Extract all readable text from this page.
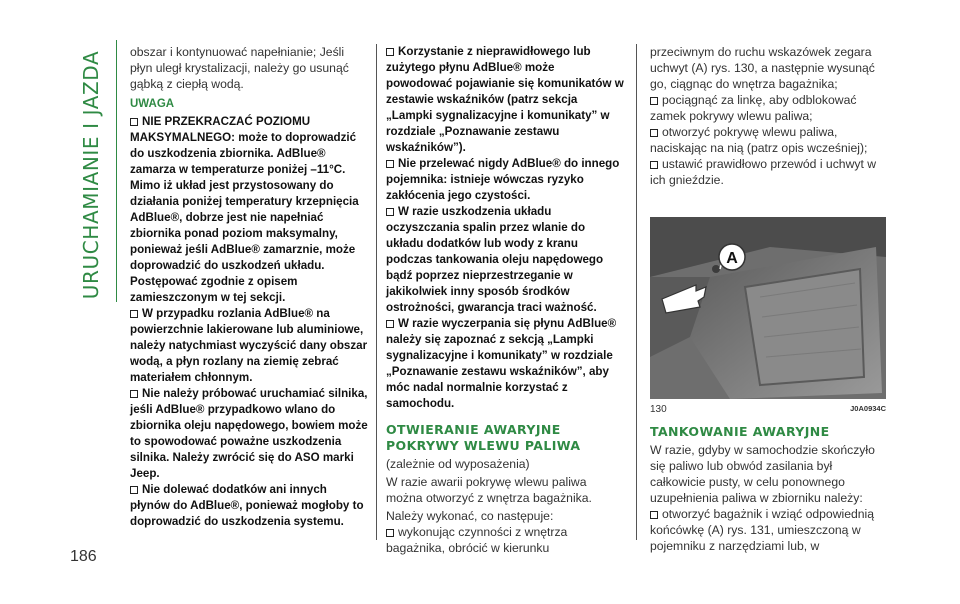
URUCHAMIANIE I JAZDA
186

obszar i kontynuować napełnianie; Jeśli płyn uległ krystalizacji, należy go usunąć gąbką z ciepłą wodą.

UWAGA

NIE PRZEKRACZAĆ POZIOMU MAKSYMALNEGO: może to doprowadzić do uszkodzenia zbiornika. AdBlue® zamarza w temperaturze poniżej –11°C. Mimo iż układ jest przystosowany do działania poniżej temperatury krzepnięcia AdBlue®, dobrze jest nie napełniać zbiornika ponad poziom maksymalny, ponieważ jeśli AdBlue® zamarznie, może doprowadzić do uszkodzeń układu. Postępować zgodnie z opisem zamieszczonym w tej sekcji.

W przypadku rozlania AdBlue® na powierzchnie lakierowane lub aluminiowe, należy natychmiast wyczyścić dany obszar wodą, a płyn rozlany na ziemię zebrać materiałem chłonnym.

Nie należy próbować uruchamiać silnika, jeśli AdBlue® przypadkowo wlano do zbiornika oleju napędowego, bowiem może to spowodować poważne uszkodzenia silnika. Należy zwrócić się do ASO marki Jeep.

Nie dolewać dodatków ani innych płynów do AdBlue®, ponieważ mogłoby to doprowadzić do uszkodzenia systemu.

Korzystanie z nieprawidłowego lub zużytego płynu AdBlue® może powodować pojawianie się komunikatów w zestawie wskaźników (patrz sekcja „Lampki sygnalizacyjne i komunikaty” w rozdziale „Poznawanie zestawu wskaźników”).

Nie przelewać nigdy AdBlue® do innego pojemnika: istnieje wówczas ryzyko zakłócenia jego czystości.

W razie uszkodzenia układu oczyszczania spalin przez wlanie do układu dodatków lub wody z kranu podczas tankowania oleju napędowego bądź poprzez nieprzestrzeganie w jakikolwiek inny sposób środków ostrożności, gwarancja traci ważność.

W razie wyczerpania się płynu AdBlue® należy się zapoznać z sekcją „Lampki sygnalizacyjne i komunikaty” w rozdziale „Poznawanie zestawu wskaźników”, aby móc nadal normalnie korzystać z samochodu.

OTWIERANIE AWARYJNE POKRYWY WLEWU PALIWA

(zależnie od wyposażenia)

W razie awarii pokrywę wlewu paliwa można otworzyć z wnętrza bagażnika.

Należy wykonać, co następuje:

wykonując czynności z wnętrza bagażnika, obrócić w kierunku

przeciwnym do ruchu wskazówek zegara uchwyt (A) rys. 130, a następnie wysunąć go, ciągnąc do wnętrza bagażnika;

pociągnąć za linkę, aby odblokować zamek pokrywy wlewu paliwa;

otworzyć pokrywę wlewu paliwa, naciskając na nią (patrz opis wcześniej);

ustawić prawidłowo przewód i uchwyt w ich gnieździe.

A
130	J0A0934C
TANKOWANIE AWARYJNE

W razie, gdyby w samochodzie skończyło się paliwo lub obwód zasilania był całkowicie pusty, w celu ponownego uzupełnienia paliwa w zbiorniku należy:

otworzyć bagażnik i wziąć odpowiednią końcówkę (A) rys. 131, umieszczoną w pojemniku z narzędziami lub, w
